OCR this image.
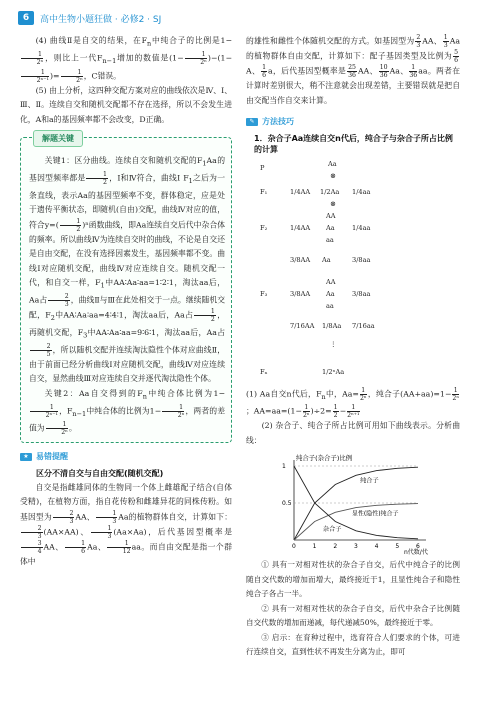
6	高中生物小题狂做 · 必修2 · SJ

(4) 曲线Ⅱ是自交的结果，在$F_n$中纯合子的比例是1−
$\frac{1}{\text{2ⁿ}}$ ，则比上一代$F_{n-1}$增加的数值是$(1- \frac{1}{\text{2ⁿ}} )-(1-$
$\frac{1}{\text{2ⁿ⁻¹}}$ )= $\frac{1}{\text{2ⁿ}}$ ，C错误。

(5) 由上分析，这四种交配方案对应的曲线依次是Ⅳ、Ⅰ、Ⅲ、Ⅱ。连续自交和随机交配都不存在选择，所以不会发生进化，A和a的基因频率都不会改变，D正确。

解题关键

关键1：区分曲线。连续自交和随机交配的$F_1Aa$的基因型频率都是 $\frac{1}{2}$ ，Ⅰ和Ⅳ符合，曲线Ⅰ $F_1$之后为一条直线，表示Aa的基因型频率不变，群体稳定，应是处于遗传平衡状态，即随机(自由)交配，曲线Ⅳ对应的值，符合$y=( \frac{1}{2} )^n$函数曲线，即Aa连续自交后代中杂合体的频率。所以曲线Ⅳ为连续自交时的曲线，不论是自交还是自由交配，在没有选择因素发生，基因频率都不变。曲线Ⅰ对应随机交配，曲线Ⅳ对应连续自交。随机交配一代，和自交一样，$F_1$中AA∶Aa∶aa=1∶2∶1，淘汰aa后，Aa占 $\frac{2}{3}$ ，曲线Ⅱ与Ⅲ在此处相交于一点。继续随机交配，$F_2$中AA∶Aa∶aa=4∶4∶1，淘汰aa后，Aa占 $\frac{1}{2}$ ，再随机交配，$F_3$中AA∶Aa∶aa=9∶6∶1，淘汰aa后，Aa占
$\frac{2}{5}$ ，所以随机交配并连续淘汰隐性个体对应曲线Ⅱ，由于前面已经分析曲线Ⅰ对应随机交配，曲线Ⅳ对应连续自交，显然曲线Ⅲ对应连续自交并逐代淘汰隐性个体。

关键2：Aa自交得到的$F_n$中纯合体比例为1−
$\frac{1}{\text{2ⁿ⁻¹}}$ ，$F_{n-1}$中纯合体的比例为$1- \frac{1}{\text{2ⁿ}}$ ，两者的差值为 $\frac{1}{\text{2ⁿ}}$ 。

★ 易错提醒
区分不清自交与自由交配(随机交配)

自交是指雌雄同体的生物同一个体上雌雄配子结合(自体受精)，在植物方面，指自花传粉和雌雄异花的同株传粉。如基因型为 $\frac{2}{3}$ AA、 $\frac{1}{3}$ Aa的植物群体自交，计算如下：
$\frac{2}{3} (AA\times AA)$、 $\frac{1}{3} (Aa\times Aa)$，后代基因型概率是
$\frac{3}{4}$ AA、 $\frac{1}{6}$ Aa、 $\frac{1}{12}$ aa。而自由交配是指一个群体中

的雄性和雌性个体随机交配的方式。如基因型为 $\frac{2}{3}$ AA、 $\frac{1}{3}$ Aa的植物群体自由交配，计算如下：配子基因类型及比例为 $\frac{5}{6}$
A、 $\frac{1}{6}$ a，后代基因型概率是 $\frac{25}{36}$ AA、 $\frac{10}{36}$ Aa、 $\frac{1}{36}$ aa。两者在计算时差别很大，稍不注意就会出现差错，主要错误就是把自由交配当作自交来计算。

✎ 方法技巧
1．杂合子Aa连续自交n代后，纯合子与杂合子所占比例的计算
P	Aa
⊗
F₁	1/4AA 1/2Aa 1/4aa
⊗
F₂	1/4AA
AA
Aa
aa
1/4aa
3/8AA Aa	3/8aa
F₃	3/8AA
AA
Aa
aa
3/8aa
7/16AA 1/8Aa 7/16aa
⋮
Fₙ	1/2ⁿAa

(1) Aa自交n代后，$F_n$中，$Aa= \frac{1}{\text{2ⁿ}}$ ，纯合子$(AA+aa)=1- \frac{1}{\text{2ⁿ}}$
；$AA=aa=(1- \frac{1}{\text{2ⁿ}} )\div 2= \frac{1}{2} - \frac{1}{\text{2ⁿ⁺¹}}$

(2) 杂合子、纯合子所占比例可用如下曲线表示。分析曲线：

纯合子(杂合子)比例
n代数/代
0	1	2	3	4	5	6
0.5
1
纯合子
显性(隐性)纯合子
杂合子

① 具有一对相对性状的杂合子自交，后代中纯合子的比例随自交代数的增加而增大，最终接近于1，且显性纯合子和隐性纯合子各占一半。

② 具有一对相对性状的杂合子自交，后代中杂合子比例随自交代数的增加而递减，每代递减50%，最终接近于零。

③ 启示：在育种过程中，选育符合人们要求的个体，可进行连续自交，直到性状不再发生分离为止，即可
